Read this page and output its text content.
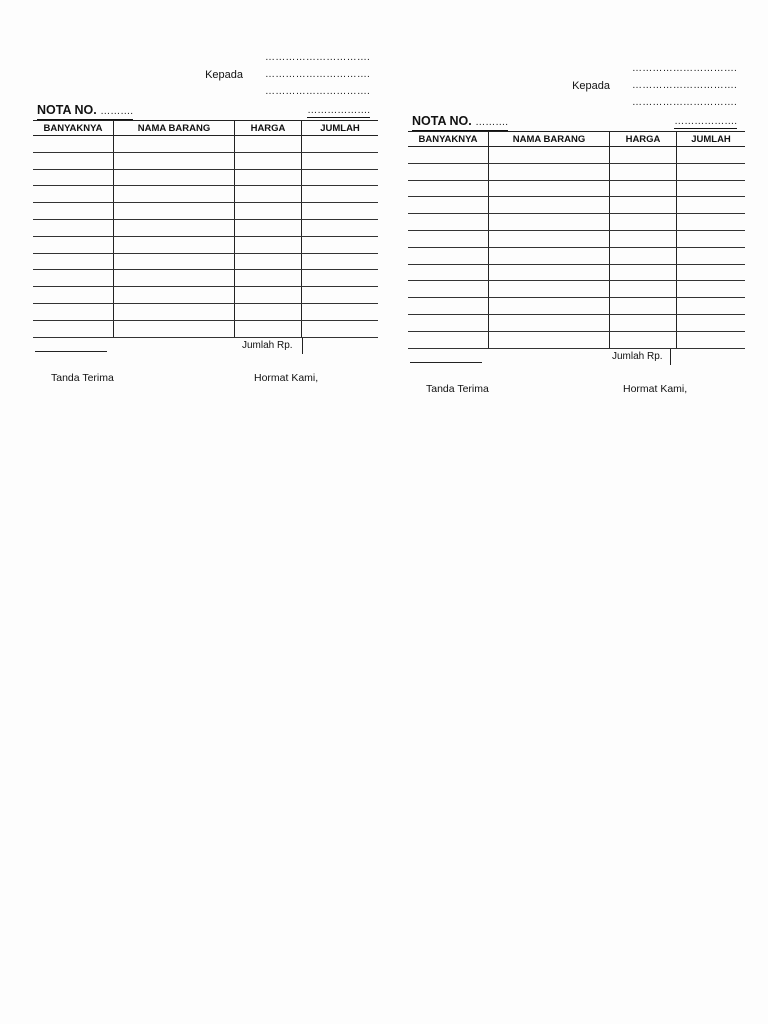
………………………….
Kepada ………………………….
………………………….
NOTA NO. ……….	……………….
BANYAKNYA	NAMA BARANG	HARGA	JUMLAH

Jumlah Rp.
Tanda Terima	Hormat Kami,
………………………….
Kepada ………………………….
………………………….
NOTA NO. ……….	……………….
BANYAKNYA	NAMA BARANG	HARGA	JUMLAH

Jumlah Rp.
Tanda Terima	Hormat Kami,
